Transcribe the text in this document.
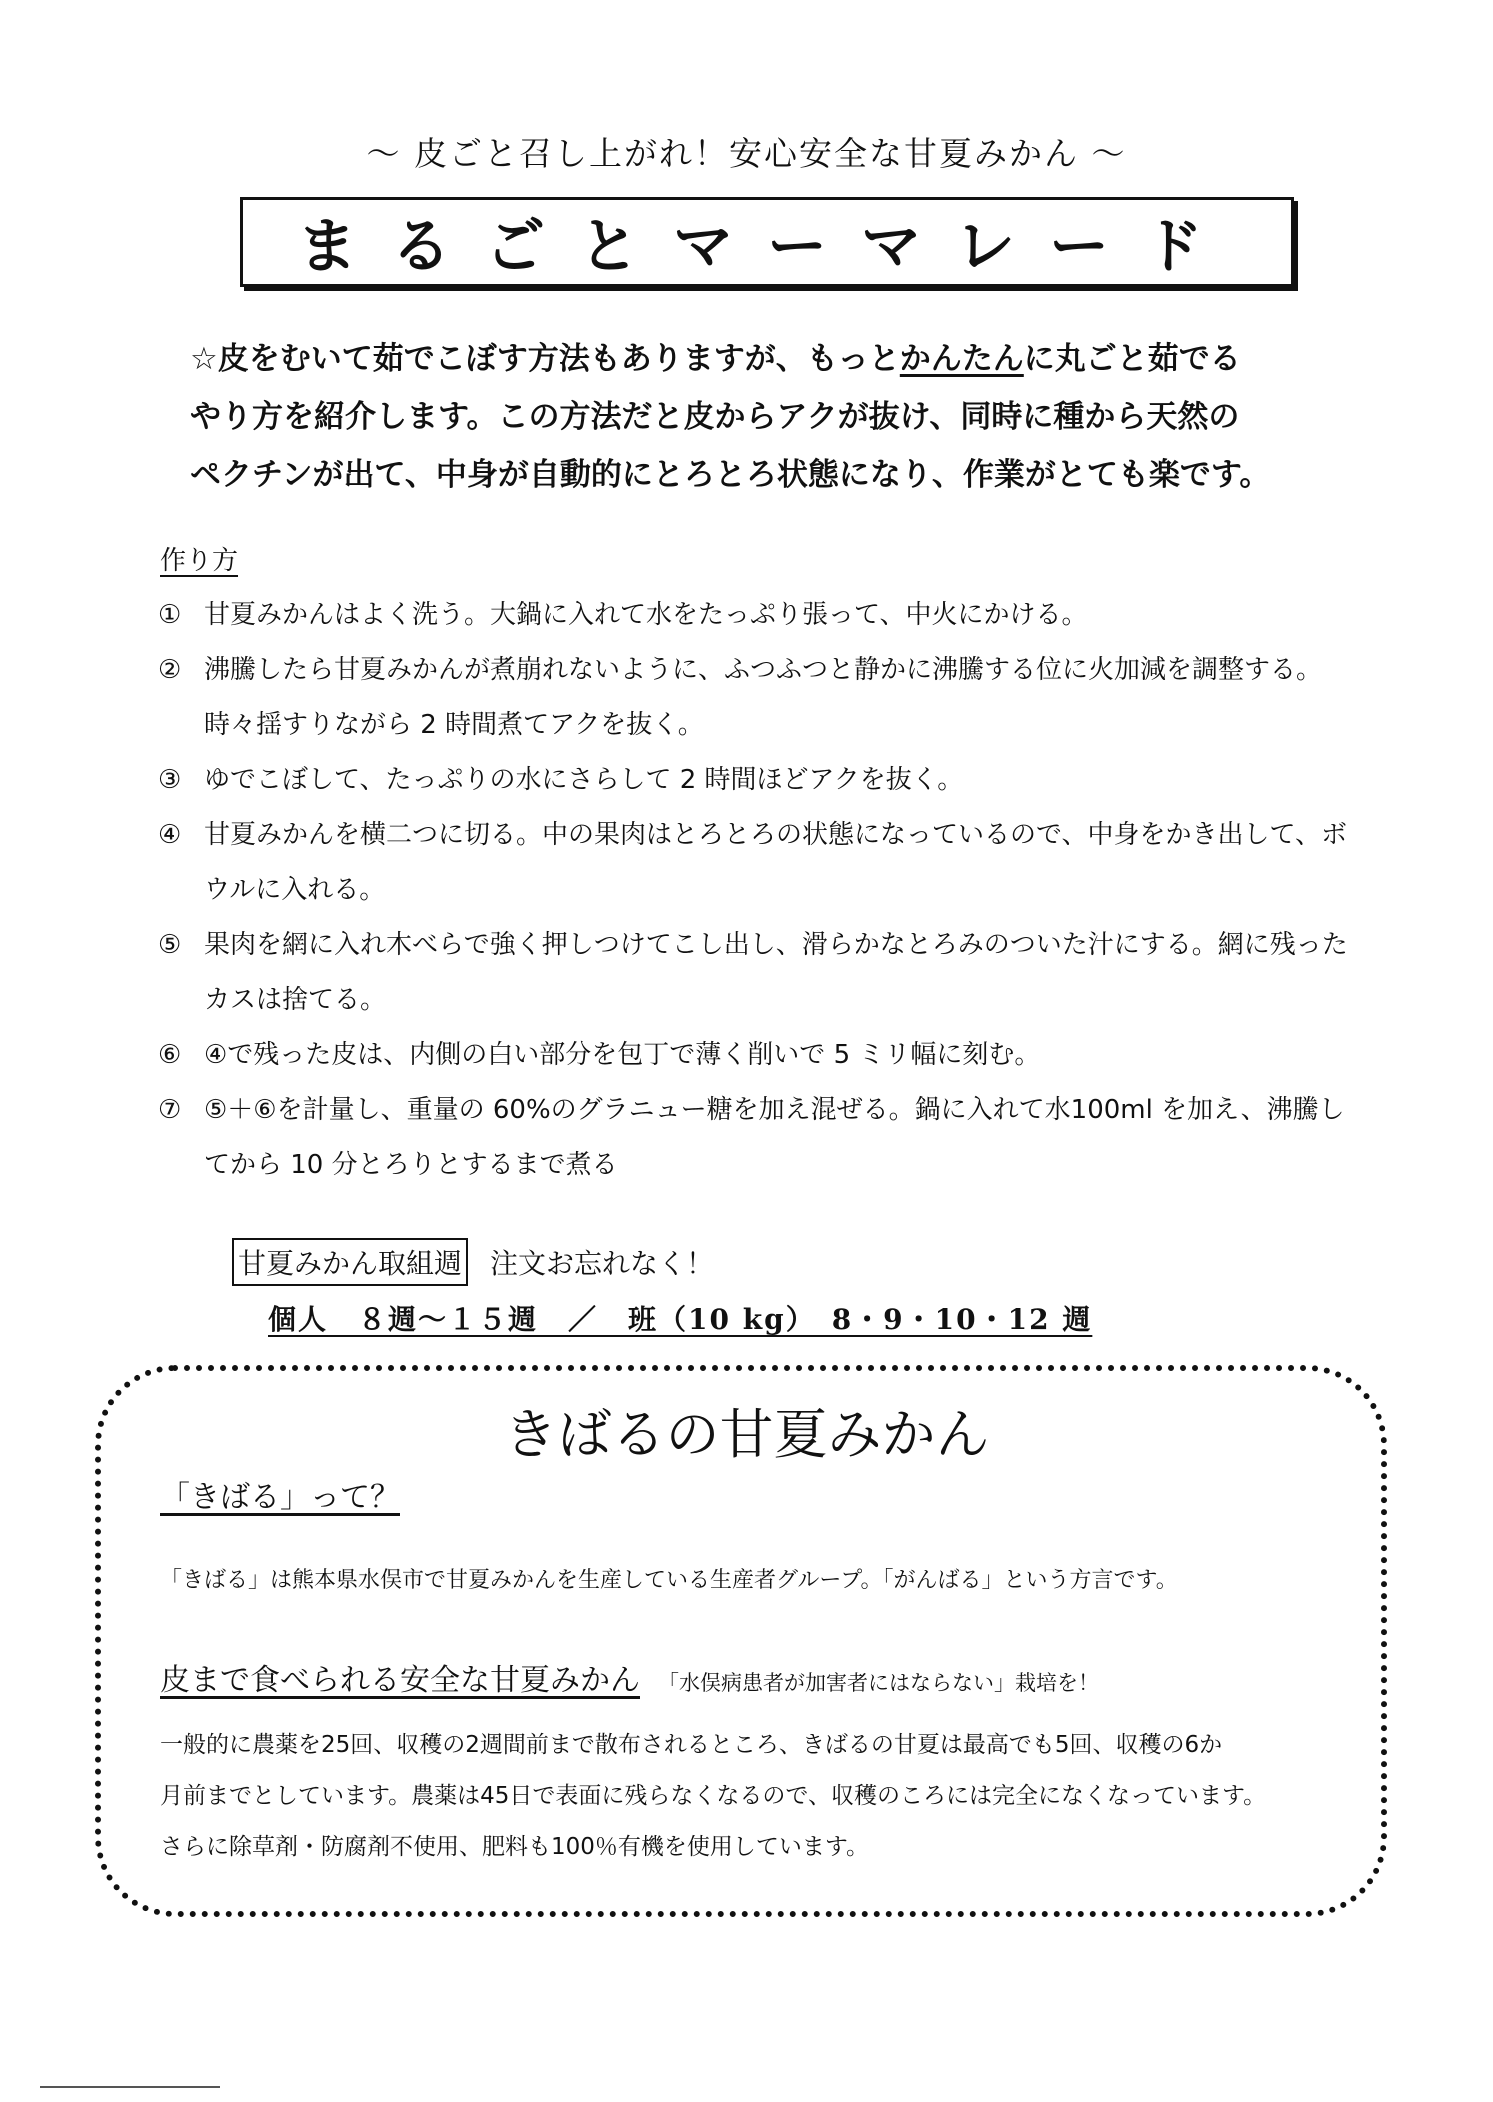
～ 皮ごと召し上がれ！安心安全な甘夏みかん ～
まるごとマーマレード
☆皮をむいて茹でこぼす方法もありますが、もっとかんたんに丸ごと茹でる
やり方を紹介します。この方法だと皮からアクが抜け、同時に種から天然の
ペクチンが出て、中身が自動的にとろとろ状態になり、作業がとても楽です。
作り方
① 甘夏みかんはよく洗う。大鍋に入れて水をたっぷり張って、中火にかける。
② 沸騰したら甘夏みかんが煮崩れないように、ふつふつと静かに沸騰する位に火加減を調整する。時々揺すりながら 2 時間煮てアクを抜く。
③ ゆでこぼして、たっぷりの水にさらして 2 時間ほどアクを抜く。
④ 甘夏みかんを横二つに切る。中の果肉はとろとろの状態になっているので、中身をかき出して、ボウルに入れる。
⑤ 果肉を網に入れ木べらで強く押しつけてこし出し、滑らかなとろみのついた汁にする。網に残ったカスは捨てる。
⑥ ④で残った皮は、内側の白い部分を包丁で薄く削いで 5 ミリ幅に刻む。
⑦ ⑤＋⑥を計量し、重量の 60%のグラニュー糖を加え混ぜる。鍋に入れて水100ml を加え、沸騰してから 10 分とろりとするまで煮る
甘夏みかん取組週 注文お忘れなく！
個人　８週～１５週　／　班（10 kg）　8・9・10・12 週
きばるの甘夏みかん
「きばる」って？
「きばる」は熊本県水俣市で甘夏みかんを生産している生産者グループ。「がんばる」という方言です。
皮まで食べられる安全な甘夏みかん 「水俣病患者が加害者にはならない」栽培を！
一般的に農薬を25回、収穫の2週間前まで散布されるところ、きばるの甘夏は最高でも5回、収穫の6か
月前までとしています。農薬は45日で表面に残らなくなるので、収穫のころには完全になくなっています。
さらに除草剤・防腐剤不使用、肥料も100％有機を使用しています。
